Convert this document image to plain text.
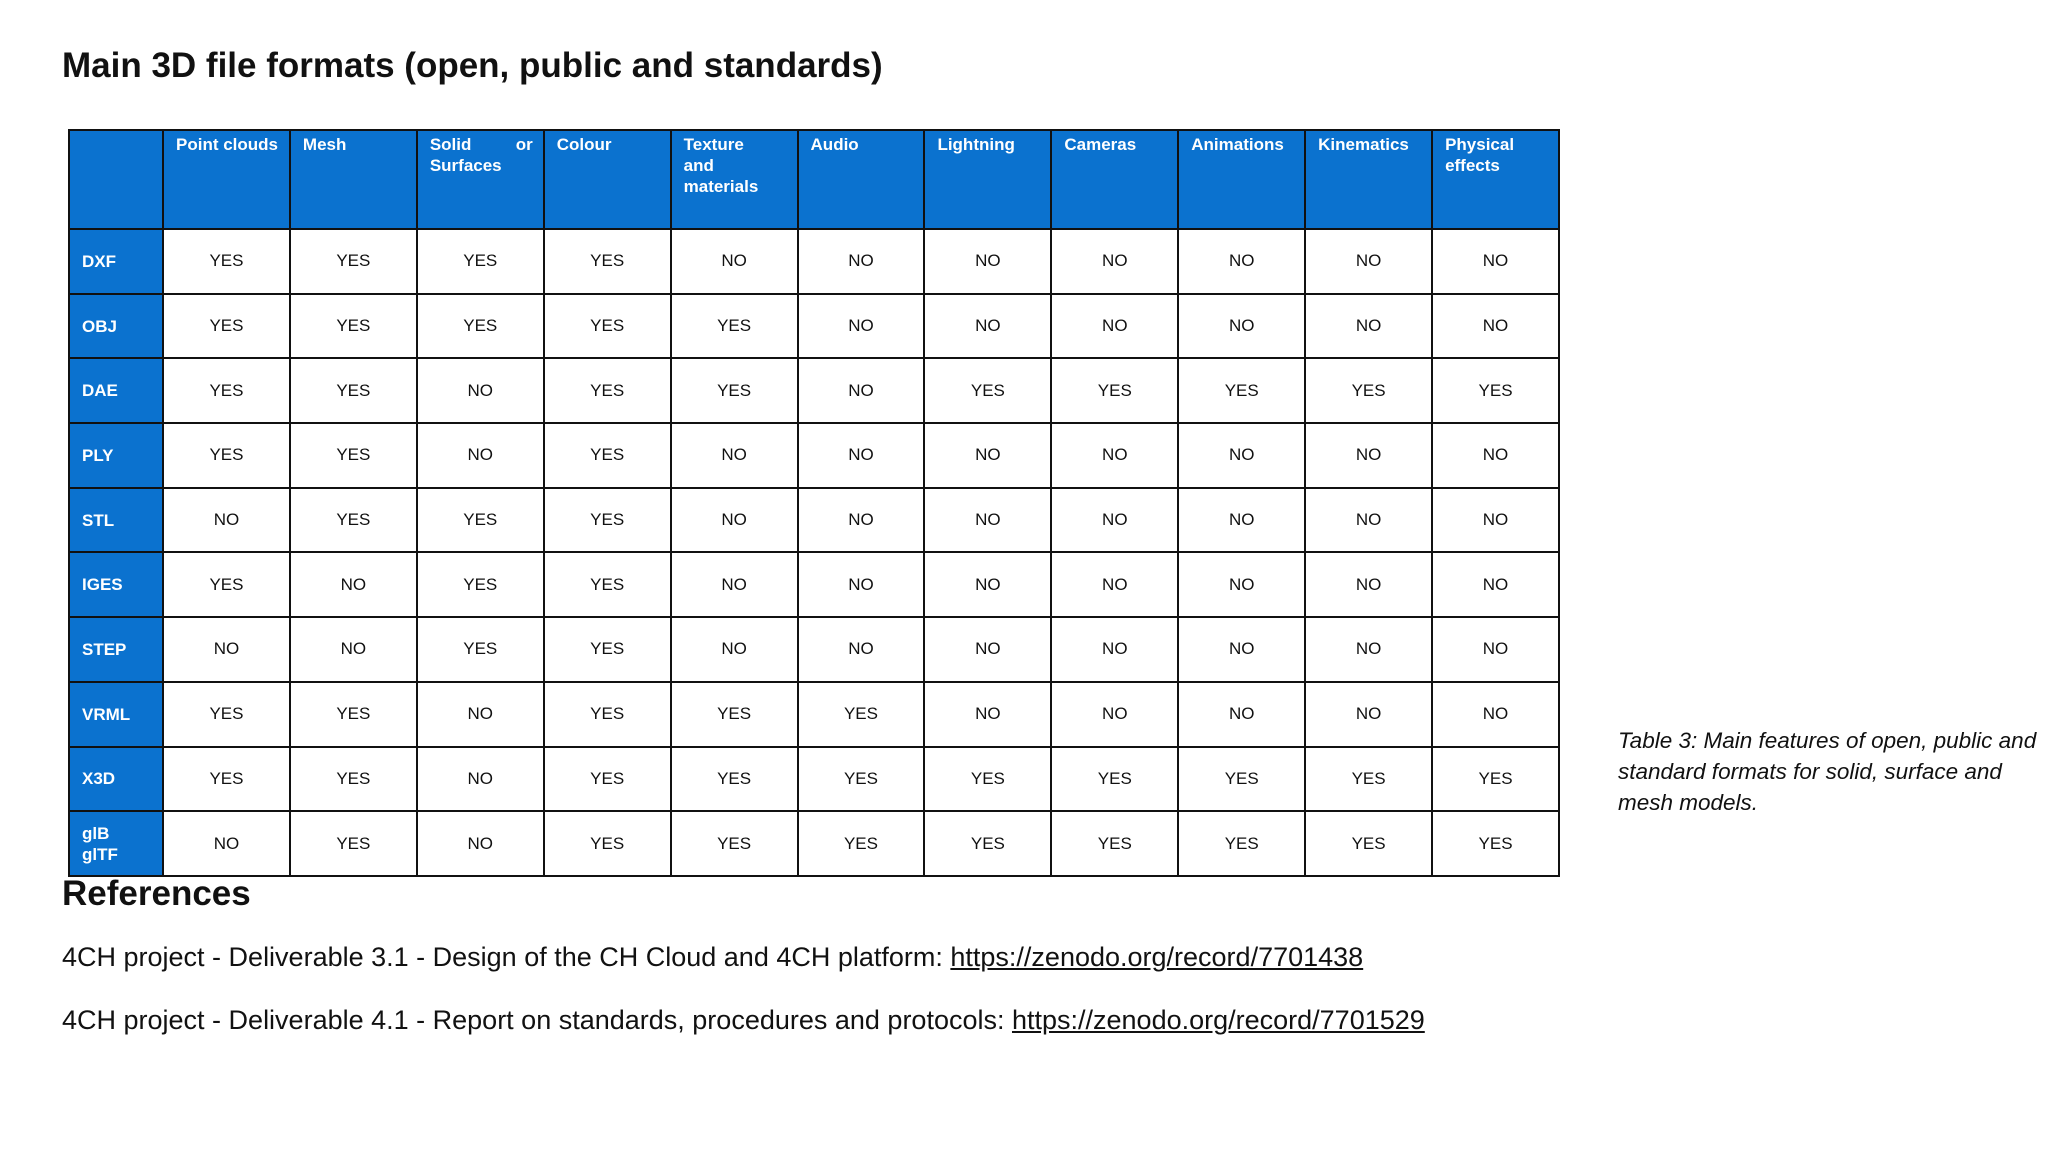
Main 3D file formats (open, public and standards)

	Point clouds	Mesh	Solid or Surfaces	Colour	Texture and materials	Audio	Lightning	Cameras	Animations	Kinematics	Physical effects

DXF	YES	YES	YES	YES	NO	NO	NO	NO	NO	NO	NO
OBJ	YES	YES	YES	YES	YES	NO	NO	NO	NO	NO	NO
DAE	YES	YES	NO	YES	YES	NO	YES	YES	YES	YES	YES
PLY	YES	YES	NO	YES	NO	NO	NO	NO	NO	NO	NO
STL	NO	YES	YES	YES	NO	NO	NO	NO	NO	NO	NO
IGES	YES	NO	YES	YES	NO	NO	NO	NO	NO	NO	NO
STEP	NO	NO	YES	YES	NO	NO	NO	NO	NO	NO	NO
VRML	YES	YES	NO	YES	YES	YES	NO	NO	NO	NO	NO
X3D	YES	YES	NO	YES	YES	YES	YES	YES	YES	YES	YES
glB glTF	NO	YES	NO	YES	YES	YES	YES	YES	YES	YES	YES
Table 3: Main features of open, public and standard formats for solid, surface and mesh models.
References
4CH project - Deliverable 3.1 - Design of the CH Cloud and 4CH platform: https://zenodo.org/record/7701438
4CH project - Deliverable 4.1 - Report on standards, procedures and protocols: https://zenodo.org/record/7701529
